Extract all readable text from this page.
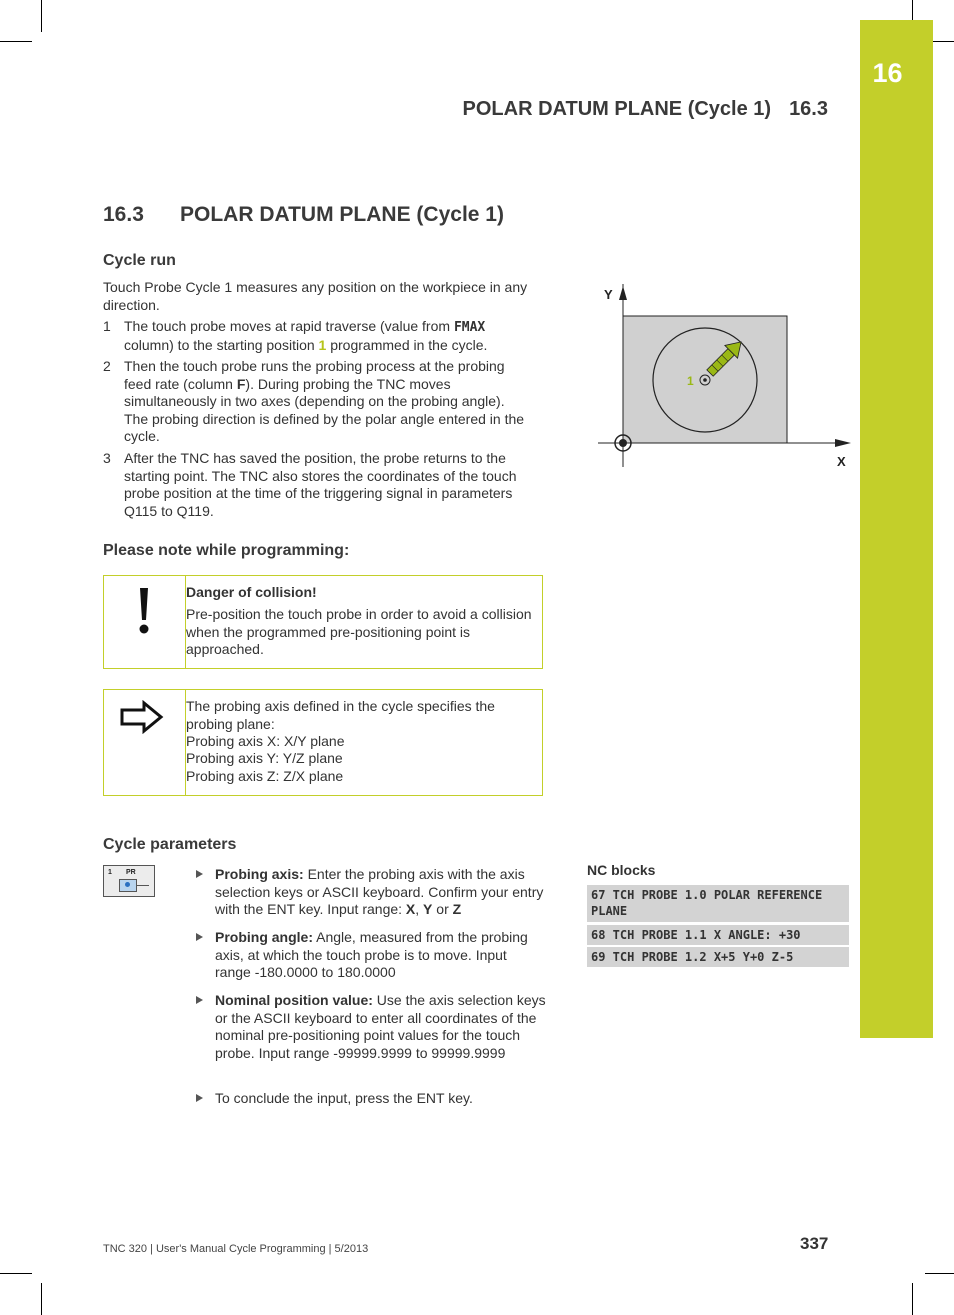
16
POLAR DATUM PLANE (Cycle 1) 16.3
16.3 POLAR DATUM PLANE (Cycle 1)
Cycle run
Touch Probe Cycle 1 measures any position on the workpiece in any direction.
1 The touch probe moves at rapid traverse (value from FMAX column) to the starting position 1 programmed in the cycle.
2 Then the touch probe runs the probing process at the probing feed rate (column F). During probing the TNC moves simultaneously in two axes (depending on the probing angle). The probing direction is defined by the polar angle entered in the cycle.
3 After the TNC has saved the position, the probe returns to the starting point. The TNC also stores the coordinates of the touch probe position at the time of the triggering signal in parameters Q115 to Q119.
1
Y
X
Please note while programming:
Danger of collision!
Pre-position the touch probe in order to avoid a collision when the programmed pre-positioning point is approached.
The probing axis defined in the cycle specifies the probing plane:
Probing axis X: X/Y plane
Probing axis Y: Y/Z plane
Probing axis Z: Z/X plane
Cycle parameters
1 PR	Probing axis: Enter the probing axis with the axis selection keys or ASCII keyboard. Confirm your entry with the ENT key. Input range: X, Y or Z
Probing angle: Angle, measured from the probing axis, at which the touch probe is to move. Input range -180.0000 to 180.0000
Nominal position value: Use the axis selection keys or the ASCII keyboard to enter all coordinates of the nominal pre-positioning point values for the touch probe. Input range -99999.9999 to 99999.9999
To conclude the input, press the ENT key.
NC blocks
67 TCH PROBE 1.0 POLAR REFERENCE PLANE
68 TCH PROBE 1.1 X ANGLE: +30
69 TCH PROBE 1.2 X+5 Y+0 Z-5
TNC 320 | User's Manual Cycle Programming | 5/2013	337
